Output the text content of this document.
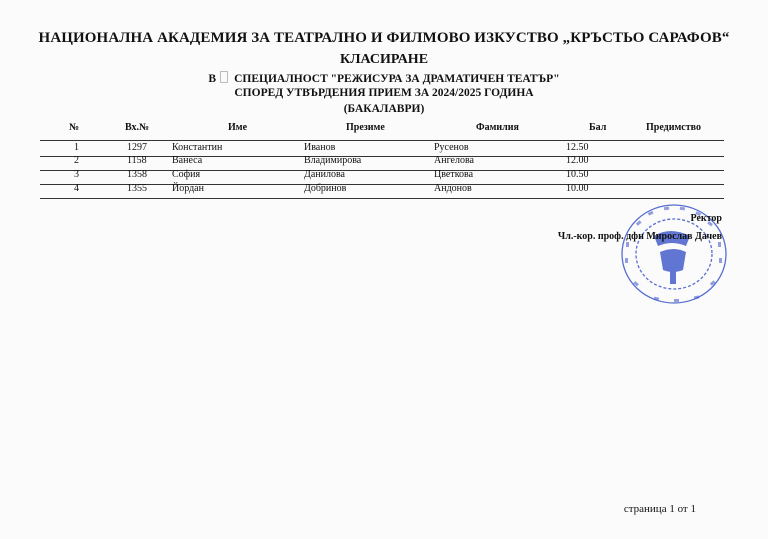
НАЦИОНАЛНА АКАДЕМИЯ ЗА ТЕАТРАЛНО И ФИЛМОВО ИЗКУСТВО „КРЪСТЬО САРАФОВ“
КЛАСИРАНЕ
В СПЕЦИАЛНОСТ "РЕЖИСУРА ЗА ДРАМАТИЧЕН ТЕАТЪР"
СПОРЕД УТВЪРДЕНИЯ ПРИЕМ ЗА 2024/2025 ГОДИНА
(БАКАЛАВРИ)
№	Вх.№	Име	Презиме	Фамилия	Бал	Предимство
1	1297	Константин	Иванов	Русенов	12.50
2	1158	Ванеса	Владимирова	Ангелова	12.00
3	1358	София	Данилова	Цветкова	10.50
4	1355	Йордан	Добринов	Андонов	10.00
Ректор
Чл.-кор. проф. дфн Мирослав Дачев
страница 1 от 1
